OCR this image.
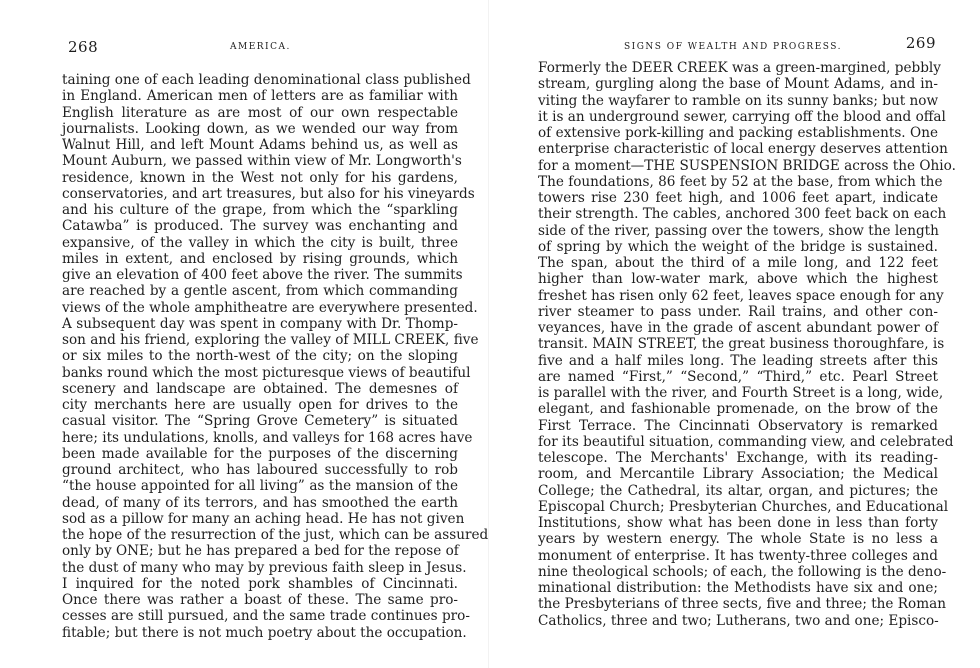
268	AMERICA.
taining one of each leading denominational class published
in England. American men of letters are as familiar with
English literature as are most of our own respectable
journalists. Looking down, as we wended our way from
Walnut Hill, and left Mount Adams behind us, as well as
Mount Auburn, we passed within view of Mr. Longworth's
residence, known in the West not only for his gardens,
conservatories, and art treasures, but also for his vineyards
and his culture of the grape, from which the “sparkling
Catawba” is produced. The survey was enchanting and
expansive, of the valley in which the city is built, three
miles in extent, and enclosed by rising grounds, which
give an elevation of 400 feet above the river. The summits
are reached by a gentle ascent, from which commanding
views of the whole amphitheatre are everywhere presented.
A subsequent day was spent in company with Dr. Thomp-
son and his friend, exploring the valley of MILL CREEK, five
or six miles to the north-west of the city; on the sloping
banks round which the most picturesque views of beautiful
scenery and landscape are obtained. The demesnes of
city merchants here are usually open for drives to the
casual visitor. The “Spring Grove Cemetery” is situated
here; its undulations, knolls, and valleys for 168 acres have
been made available for the purposes of the discerning
ground architect, who has laboured successfully to rob
“the house appointed for all living” as the mansion of the
dead, of many of its terrors, and has smoothed the earth
sod as a pillow for many an aching head. He has not given
the hope of the resurrection of the just, which can be assured
only by ONE; but he has prepared a bed for the repose of
the dust of many who may by previous faith sleep in Jesus.
I inquired for the noted pork shambles of Cincinnati.
Once there was rather a boast of these. The same pro-
cesses are still pursued, and the same trade continues pro-
fitable; but there is not much poetry about the occupation.
SIGNS OF WEALTH AND PROGRESS.	269
Formerly the DEER CREEK was a green-margined, pebbly
stream, gurgling along the base of Mount Adams, and in-
viting the wayfarer to ramble on its sunny banks; but now
it is an underground sewer, carrying off the blood and offal
of extensive pork-killing and packing establishments. One
enterprise characteristic of local energy deserves attention
for a moment—THE SUSPENSION BRIDGE across the Ohio.
The foundations, 86 feet by 52 at the base, from which the
towers rise 230 feet high, and 1006 feet apart, indicate
their strength. The cables, anchored 300 feet back on each
side of the river, passing over the towers, show the length
of spring by which the weight of the bridge is sustained.
The span, about the third of a mile long, and 122 feet
higher than low-water mark, above which the highest
freshet has risen only 62 feet, leaves space enough for any
river steamer to pass under. Rail trains, and other con-
veyances, have in the grade of ascent abundant power of
transit. MAIN STREET, the great business thoroughfare, is
five and a half miles long. The leading streets after this
are named “First,” “Second,” “Third,” etc. Pearl Street
is parallel with the river, and Fourth Street is a long, wide,
elegant, and fashionable promenade, on the brow of the
First Terrace. The Cincinnati Observatory is remarked
for its beautiful situation, commanding view, and celebrated
telescope. The Merchants' Exchange, with its reading-
room, and Mercantile Library Association; the Medical
College; the Cathedral, its altar, organ, and pictures; the
Episcopal Church; Presbyterian Churches, and Educational
Institutions, show what has been done in less than forty
years by western energy. The whole State is no less a
monument of enterprise. It has twenty-three colleges and
nine theological schools; of each, the following is the deno-
minational distribution: the Methodists have six and one;
the Presbyterians of three sects, five and three; the Roman
Catholics, three and two; Lutherans, two and one; Episco-
